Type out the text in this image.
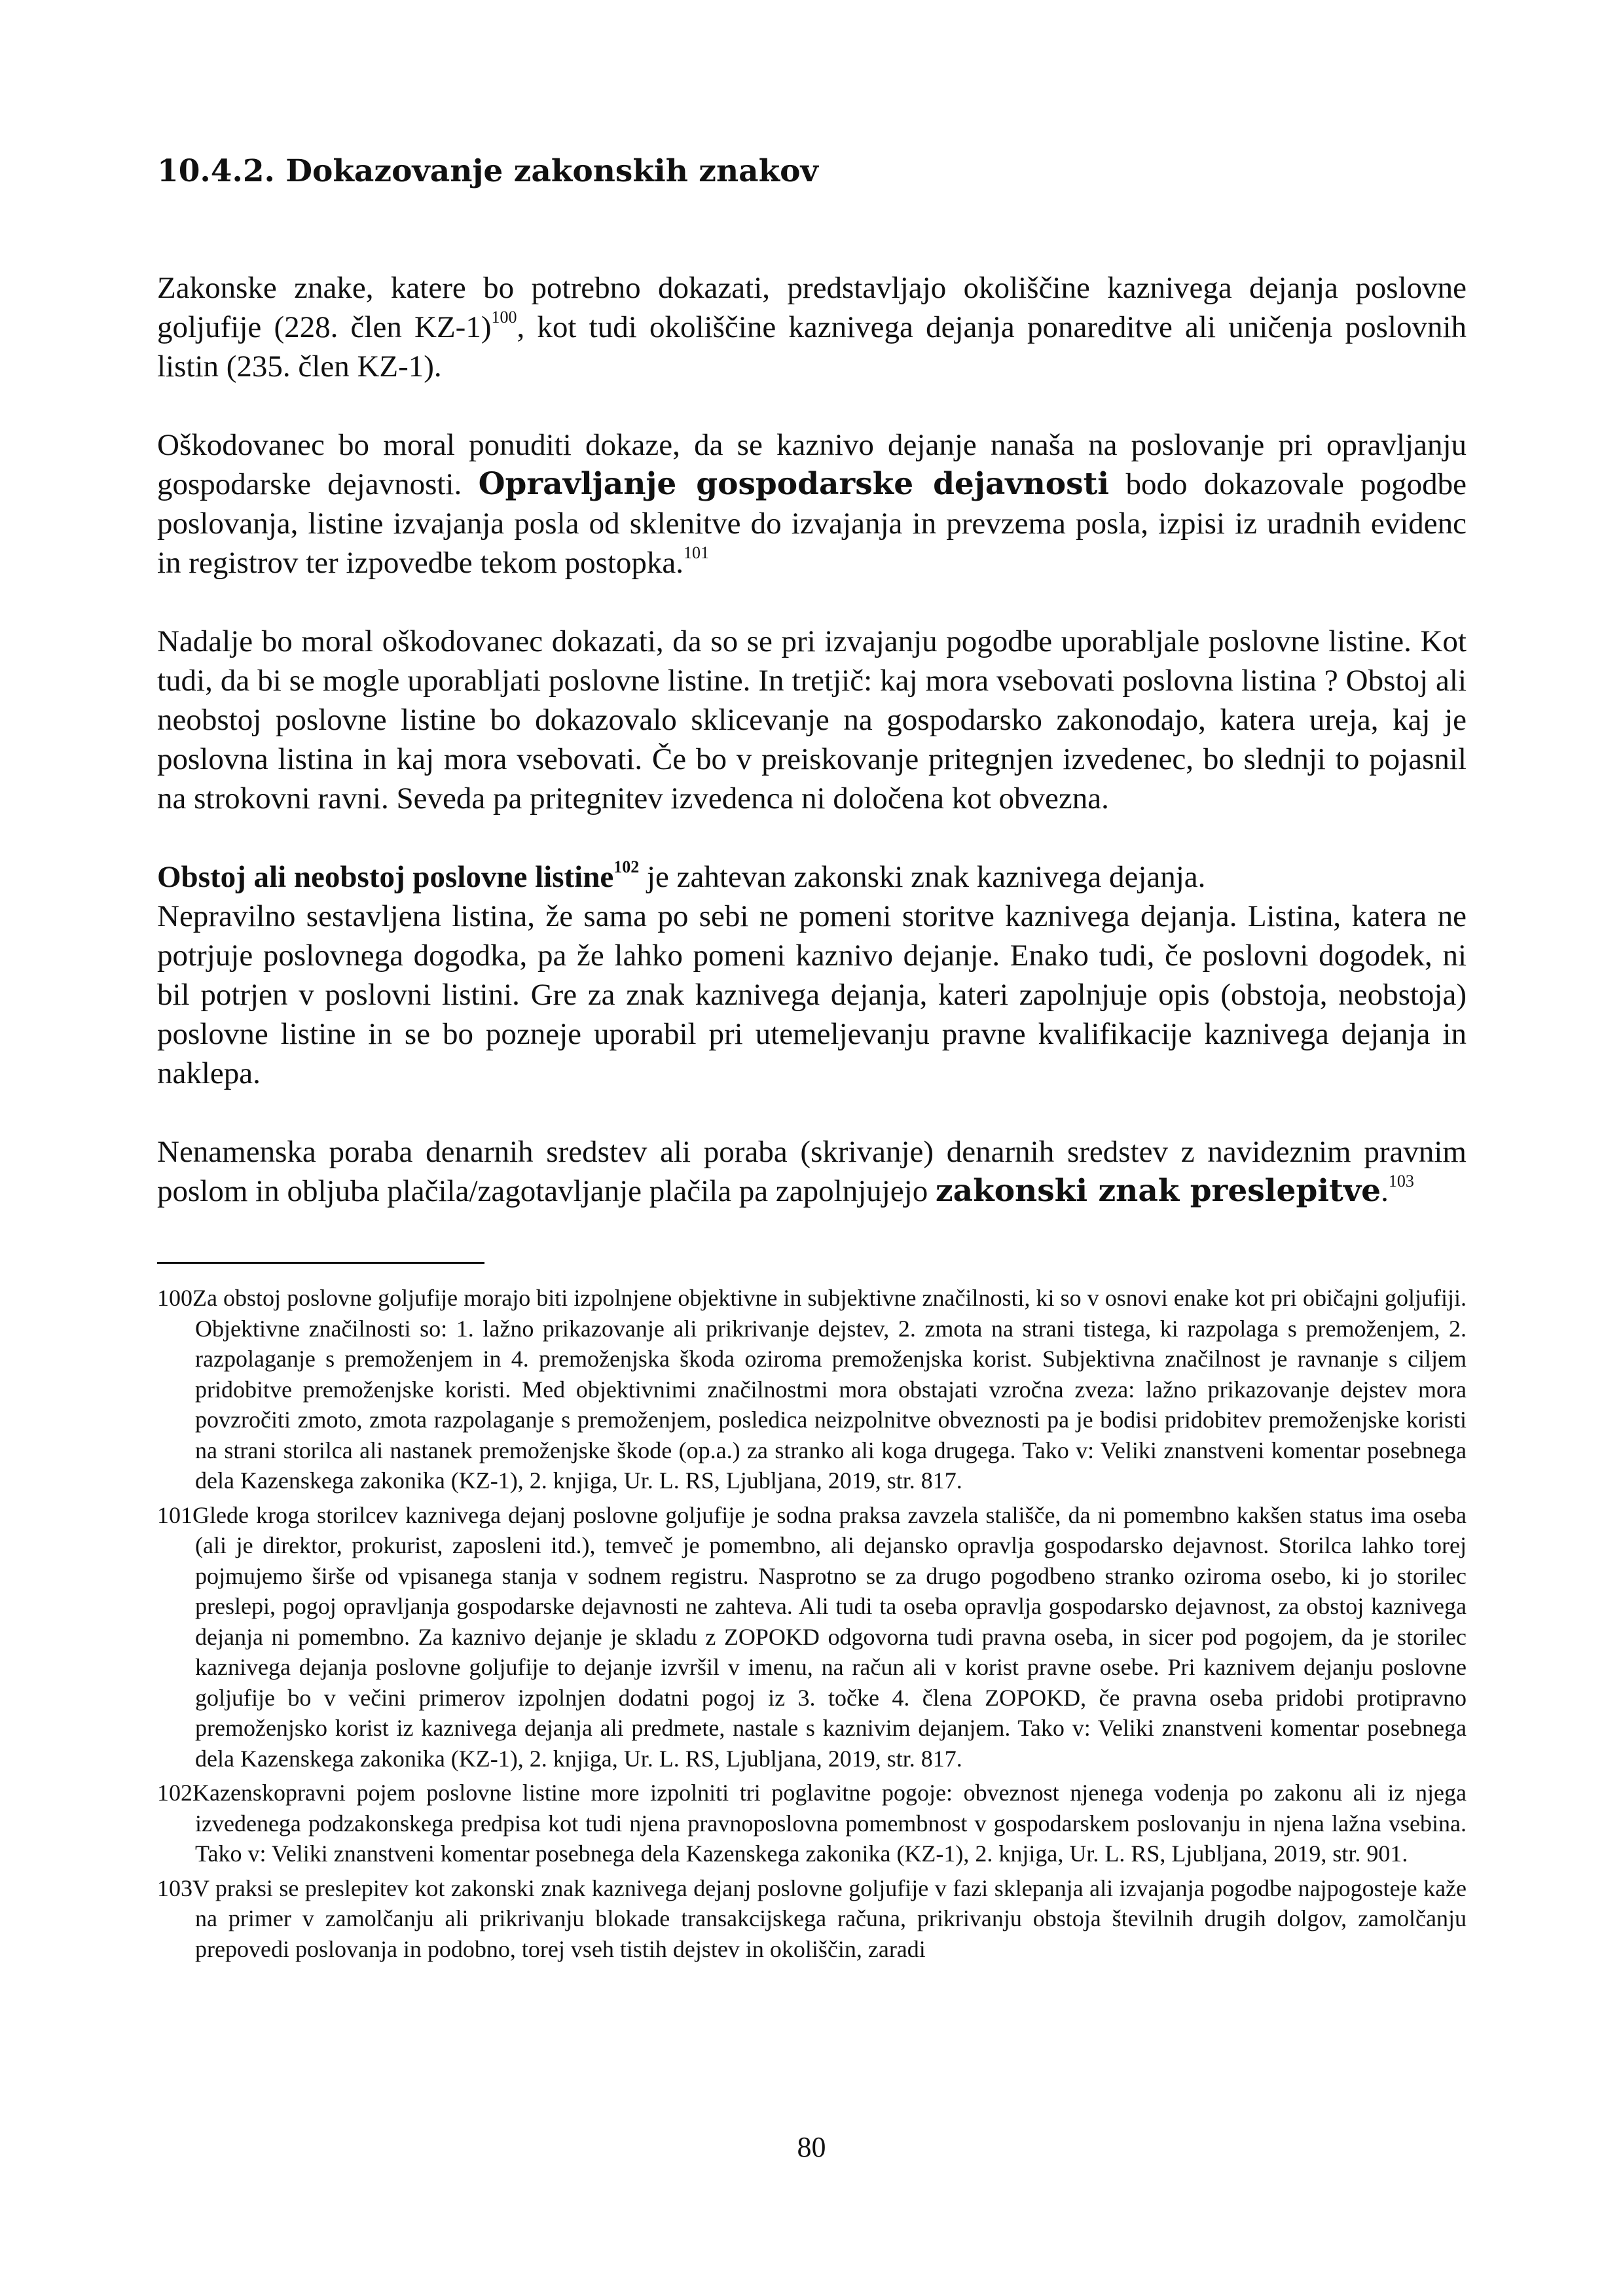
10.4.2. Dokazovanje zakonskih znakov

Zakonske znake, katere bo potrebno dokazati, predstavljajo okoliščine kaznivega dejanja poslovne goljufije (228. člen KZ-1)$^{100}$, kot tudi okoliščine kaznivega dejanja ponareditve ali uničenja poslovnih listin (235. člen KZ-1).

Oškodovanec bo moral ponuditi dokaze, da se kaznivo dejanje nanaša na poslovanje pri opravljanju gospodarske dejavnosti. Opravljanje gospodarske dejavnosti bodo dokazovale pogodbe poslovanja, listine izvajanja posla od sklenitve do izvajanja in prevzema posla, izpisi iz uradnih evidenc in registrov ter izpovedbe tekom postopka.$^{101}$

Nadalje bo moral oškodovanec dokazati, da so se pri izvajanju pogodbe uporabljale poslovne listine. Kot tudi, da bi se mogle uporabljati poslovne listine. In tretjič: kaj mora vsebovati poslovna listina ? Obstoj ali neobstoj poslovne listine bo dokazovalo sklicevanje na gospodarsko zakonodajo, katera ureja, kaj je poslovna listina in kaj mora vsebovati. Če bo v preiskovanje pritegnjen izvedenec, bo slednji to pojasnil na strokovni ravni. Seveda pa pritegnitev izvedenca ni določena kot obvezna.

Obstoj ali neobstoj poslovne listine$^{102}$ je zahtevan zakonski znak kaznivega dejanja.

Nepravilno sestavljena listina, že sama po sebi ne pomeni storitve kaznivega dejanja. Listina, katera ne potrjuje poslovnega dogodka, pa že lahko pomeni kaznivo dejanje. Enako tudi, če poslovni dogodek, ni bil potrjen v poslovni listini. Gre za znak kaznivega dejanja, kateri zapolnjuje opis (obstoja, neobstoja) poslovne listine in se bo pozneje uporabil pri utemeljevanju pravne kvalifikacije kaznivega dejanja in naklepa.

Nenamenska poraba denarnih sredstev ali poraba (skrivanje) denarnih sredstev z navideznim pravnim poslom in obljuba plačila/zagotavljanje plačila pa zapolnjujejo zakonski znak preslepitve.$^{103}$

100Za obstoj poslovne goljufije morajo biti izpolnjene objektivne in subjektivne značilnosti, ki so v osnovi enake kot pri običajni goljufiji. Objektivne značilnosti so: 1. lažno prikazovanje ali prikrivanje dejstev, 2. zmota na strani tistega, ki razpolaga s premoženjem, 2. razpolaganje s premoženjem in 4. premoženjska škoda oziroma premoženjska korist. Subjektivna značilnost je ravnanje s ciljem pridobitve premoženjske koristi. Med objektivnimi značilnostmi mora obstajati vzročna zveza: lažno prikazovanje dejstev mora povzročiti zmoto, zmota razpolaganje s premoženjem, posledica neizpolnitve obveznosti pa je bodisi pridobitev premoženjske koristi na strani storilca ali nastanek premoženjske škode (op.a.) za stranko ali koga drugega. Tako v: Veliki znanstveni komentar posebnega dela Kazenskega zakonika (KZ-1), 2. knjiga, Ur. L. RS, Ljubljana, 2019, str. 817.
101Glede kroga storilcev kaznivega dejanj poslovne goljufije je sodna praksa zavzela stališče, da ni pomembno kakšen status ima oseba (ali je direktor, prokurist, zaposleni itd.), temveč je pomembno, ali dejansko opravlja gospodarsko dejavnost. Storilca lahko torej pojmujemo širše od vpisanega stanja v sodnem registru. Nasprotno se za drugo pogodbeno stranko oziroma osebo, ki jo storilec preslepi, pogoj opravljanja gospodarske dejavnosti ne zahteva. Ali tudi ta oseba opravlja gospodarsko dejavnost, za obstoj kaznivega dejanja ni pomembno. Za kaznivo dejanje je skladu z ZOPOKD odgovorna tudi pravna oseba, in sicer pod pogojem, da je storilec kaznivega dejanja poslovne goljufije to dejanje izvršil v imenu, na račun ali v korist pravne osebe. Pri kaznivem dejanju poslovne goljufije bo v večini primerov izpolnjen dodatni pogoj iz 3. točke 4. člena ZOPOKD, če pravna oseba pridobi protipravno premoženjsko korist iz kaznivega dejanja ali predmete, nastale s kaznivim dejanjem. Tako v: Veliki znanstveni komentar posebnega dela Kazenskega zakonika (KZ-1), 2. knjiga, Ur. L. RS, Ljubljana, 2019, str. 817.
102Kazenskopravni pojem poslovne listine more izpolniti tri poglavitne pogoje: obveznost njenega vodenja po zakonu ali iz njega izvedenega podzakonskega predpisa kot tudi njena pravnoposlovna pomembnost v gospodarskem poslovanju in njena lažna vsebina. Tako v: Veliki znanstveni komentar posebnega dela Kazenskega zakonika (KZ-1), 2. knjiga, Ur. L. RS, Ljubljana, 2019, str. 901.
103V praksi se preslepitev kot zakonski znak kaznivega dejanj poslovne goljufije v fazi sklepanja ali izvajanja pogodbe najpogosteje kaže na primer v zamolčanju ali prikrivanju blokade transakcijskega računa, prikrivanju obstoja številnih drugih dolgov, zamolčanju prepovedi poslovanja in podobno, torej vseh tistih dejstev in okoliščin, zaradi
80
